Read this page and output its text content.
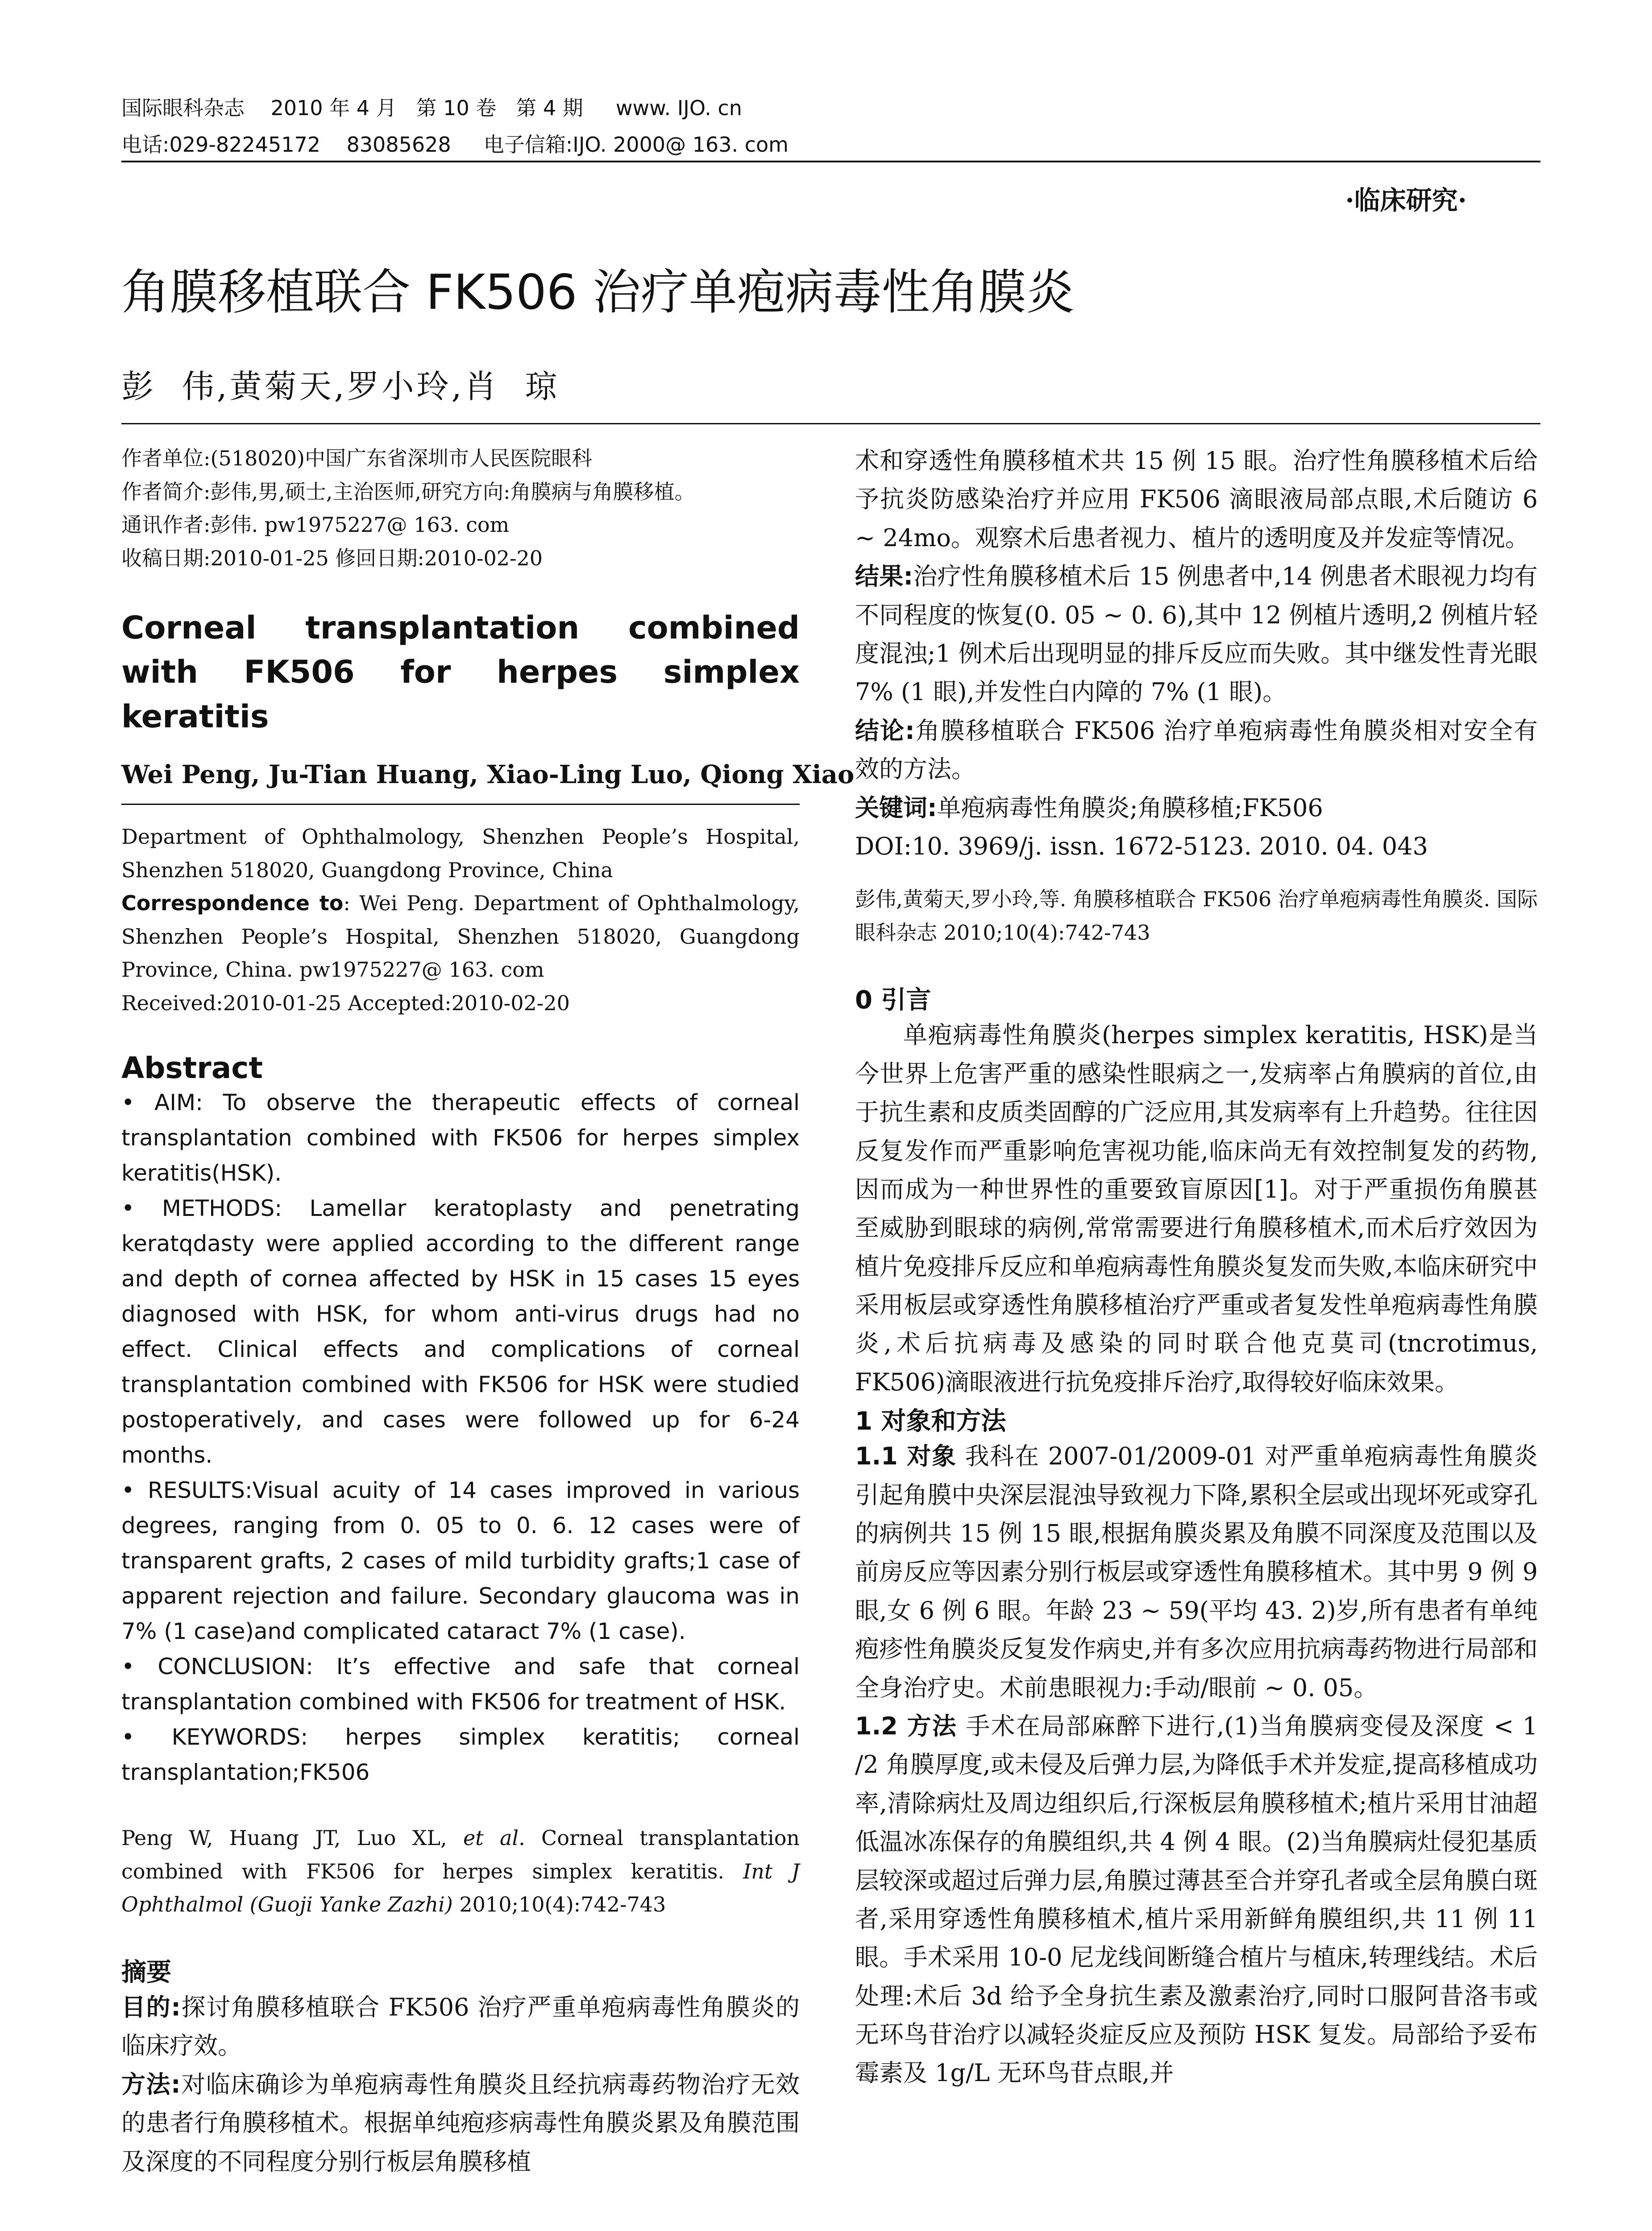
国际眼科杂志    2010 年 4 月   第 10 卷   第 4 期     www. IJO. cn
电话:029-82245172    83085628     电子信箱:IJO. 2000@ 163. com
·临床研究·
角膜移植联合 FK506 治疗单疱病毒性角膜炎
彭  伟,黄菊天,罗小玲,肖  琼

作者单位:(518020)中国广东省深圳市人民医院眼科

作者简介:彭伟,男,硕士,主治医师,研究方向:角膜病与角膜移植。

通讯作者:彭伟. pw1975227@ 163. com

收稿日期:2010-01-25 修回日期:2010-02-20

Corneal transplantation combined with FK506 for herpes simplex keratitis

Wei Peng, Ju-Tian Huang, Xiao-Ling Luo, Qiong Xiao

Department of Ophthalmology, Shenzhen People’s Hospital, Shenzhen 518020, Guangdong Province, China

Correspondence to: Wei Peng. Department of Ophthalmology, Shenzhen People’s Hospital, Shenzhen 518020, Guangdong Province, China. pw1975227@ 163. com

Received:2010-01-25 Accepted:2010-02-20

Abstract

• AIM: To observe the therapeutic effects of corneal transplantation combined with FK506 for herpes simplex keratitis(HSK).

• METHODS: Lamellar keratoplasty and penetrating keratqdasty were applied according to the different range and depth of cornea affected by HSK in 15 cases 15 eyes diagnosed with HSK, for whom anti-virus drugs had no effect. Clinical effects and complications of corneal transplantation combined with FK506 for HSK were studied postoperatively, and cases were followed up for 6-24 months.

• RESULTS:Visual acuity of 14 cases improved in various degrees, ranging from 0. 05 to 0. 6. 12 cases were of transparent grafts, 2 cases of mild turbidity grafts;1 case of apparent rejection and failure. Secondary glaucoma was in 7% (1 case)and complicated cataract 7% (1 case).

• CONCLUSION: It’s effective and safe that corneal transplantation combined with FK506 for treatment of HSK.

• KEYWORDS: herpes simplex keratitis; corneal transplantation;FK506

Peng W, Huang JT, Luo XL, et al. Corneal transplantation combined with FK506 for herpes simplex keratitis. Int J Ophthalmol (Guoji Yanke Zazhi) 2010;10(4):742-743

摘要

目的:探讨角膜移植联合 FK506 治疗严重单疱病毒性角膜炎的临床疗效。

方法:对临床确诊为单疱病毒性角膜炎且经抗病毒药物治疗无效的患者行角膜移植术。根据单纯疱疹病毒性角膜炎累及角膜范围及深度的不同程度分别行板层角膜移植

术和穿透性角膜移植术共 15 例 15 眼。治疗性角膜移植术后给予抗炎防感染治疗并应用 FK506 滴眼液局部点眼,术后随访 6 ~ 24mo。观察术后患者视力、植片的透明度及并发症等情况。

结果:治疗性角膜移植术后 15 例患者中,14 例患者术眼视力均有不同程度的恢复(0. 05 ~ 0. 6),其中 12 例植片透明,2 例植片轻度混浊;1 例术后出现明显的排斥反应而失败。其中继发性青光眼 7% (1 眼),并发性白内障的 7% (1 眼)。

结论:角膜移植联合 FK506 治疗单疱病毒性角膜炎相对安全有效的方法。

关键词:单疱病毒性角膜炎;角膜移植;FK506

DOI:10. 3969/j. issn. 1672-5123. 2010. 04. 043

彭伟,黄菊天,罗小玲,等. 角膜移植联合 FK506 治疗单疱病毒性角膜炎. 国际眼科杂志 2010;10(4):742-743

0 引言

单疱病毒性角膜炎(herpes simplex keratitis, HSK)是当今世界上危害严重的感染性眼病之一,发病率占角膜病的首位,由于抗生素和皮质类固醇的广泛应用,其发病率有上升趋势。往往因反复发作而严重影响危害视功能,临床尚无有效控制复发的药物,因而成为一种世界性的重要致盲原因[1]。对于严重损伤角膜甚至威胁到眼球的病例,常常需要进行角膜移植术,而术后疗效因为植片免疫排斥反应和单疱病毒性角膜炎复发而失败,本临床研究中采用板层或穿透性角膜移植治疗严重或者复发性单疱病毒性角膜炎,术后抗病毒及感染的同时联合他克莫司(tncrotimus, FK506)滴眼液进行抗免疫排斥治疗,取得较好临床效果。

1 对象和方法

1.1 对象 我科在 2007-01/2009-01 对严重单疱病毒性角膜炎引起角膜中央深层混浊导致视力下降,累积全层或出现坏死或穿孔的病例共 15 例 15 眼,根据角膜炎累及角膜不同深度及范围以及前房反应等因素分别行板层或穿透性角膜移植术。其中男 9 例 9 眼,女 6 例 6 眼。年龄 23 ~ 59(平均 43. 2)岁,所有患者有单纯疱疹性角膜炎反复发作病史,并有多次应用抗病毒药物进行局部和全身治疗史。术前患眼视力:手动/眼前 ~ 0. 05。

1.2 方法 手术在局部麻醉下进行,(1)当角膜病变侵及深度 < 1 /2 角膜厚度,或未侵及后弹力层,为降低手术并发症,提高移植成功率,清除病灶及周边组织后,行深板层角膜移植术;植片采用甘油超低温冰冻保存的角膜组织,共 4 例 4 眼。(2)当角膜病灶侵犯基质层较深或超过后弹力层,角膜过薄甚至合并穿孔者或全层角膜白斑者,采用穿透性角膜移植术,植片采用新鲜角膜组织,共 11 例 11 眼。手术采用 10-0 尼龙线间断缝合植片与植床,转理线结。术后处理:术后 3d 给予全身抗生素及激素治疗,同时口服阿昔洛韦或无环鸟苷治疗以减轻炎症反应及预防 HSK 复发。局部给予妥布霉素及 1g/L 无环鸟苷点眼,并
